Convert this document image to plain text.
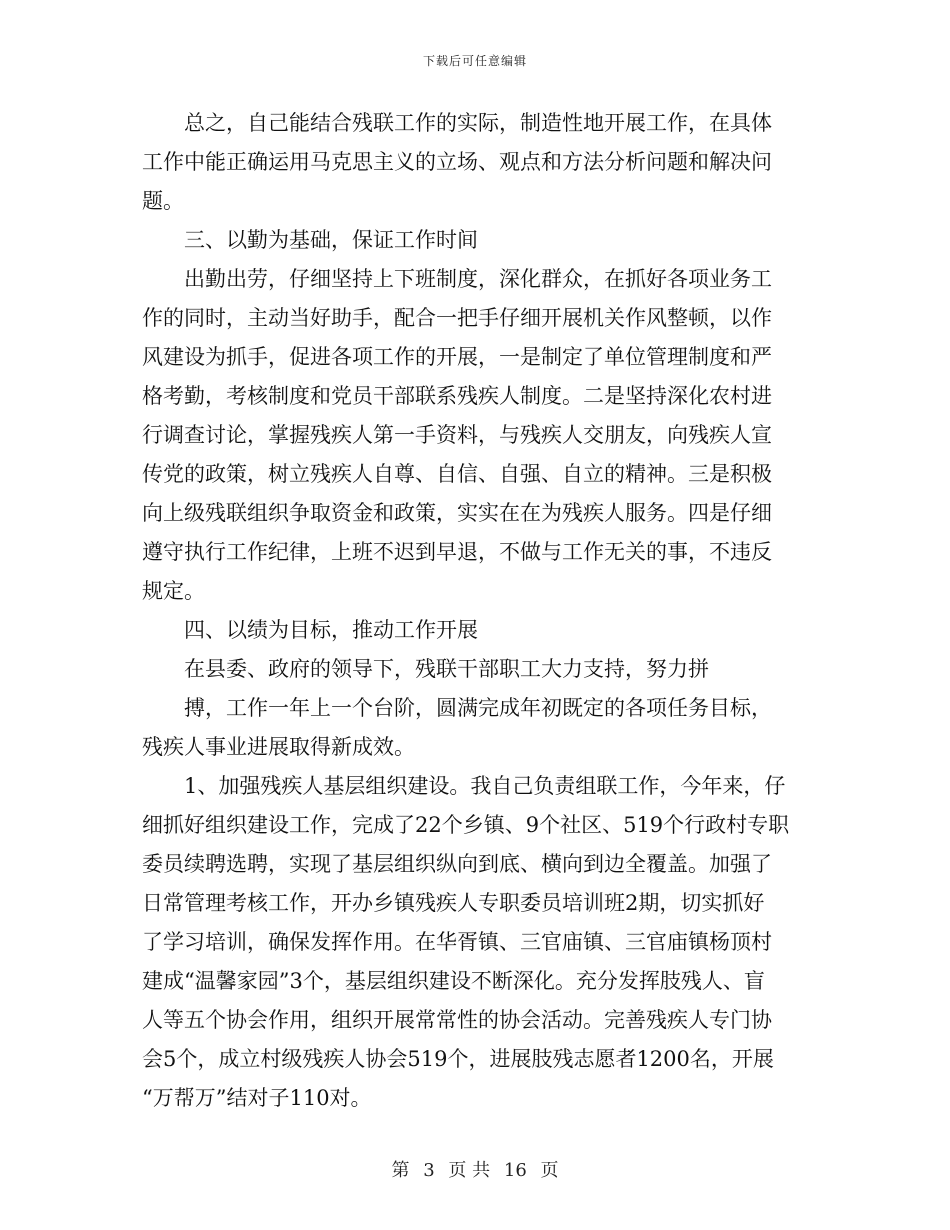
下载后可任意编辑
总之，自己能结合残联工作的实际，制造性地开展工作，在具体
工作中能正确运用马克思主义的立场、观点和方法分析问题和解决问
题。
三、以勤为基础，保证工作时间
出勤出劳，仔细坚持上下班制度，深化群众，在抓好各项业务工
作的同时，主动当好助手，配合一把手仔细开展机关作风整顿，以作
风建设为抓手，促进各项工作的开展，一是制定了单位管理制度和严
格考勤，考核制度和党员干部联系残疾人制度。二是坚持深化农村进
行调查讨论，掌握残疾人第一手资料，与残疾人交朋友，向残疾人宣
传党的政策，树立残疾人自尊、自信、自强、自立的精神。三是积极
向上级残联组织争取资金和政策，实实在在为残疾人服务。四是仔细
遵守执行工作纪律，上班不迟到早退，不做与工作无关的事，不违反
规定。
四、以绩为目标，推动工作开展
在县委、政府的领导下，残联干部职工大力支持，努力拼
搏，工作一年上一个台阶，圆满完成年初既定的各项任务目标，
残疾人事业进展取得新成效。
1、加强残疾人基层组织建设。我自己负责组联工作，今年来，仔
细抓好组织建设工作，完成了22个乡镇、9个社区、519个行政村专职
委员续聘选聘，实现了基层组织纵向到底、横向到边全覆盖。加强了
日常管理考核工作，开办乡镇残疾人专职委员培训班2期，切实抓好
了学习培训，确保发挥作用。在华胥镇、三官庙镇、三官庙镇杨顶村
建成“温馨家园”3个，基层组织建设不断深化。充分发挥肢残人、盲
人等五个协会作用，组织开展常常性的协会活动。完善残疾人专门协
会5个，成立村级残疾人协会519个，进展肢残志愿者1200名，开展
“万帮万”结对子110对。
第 3 页 共 16 页
